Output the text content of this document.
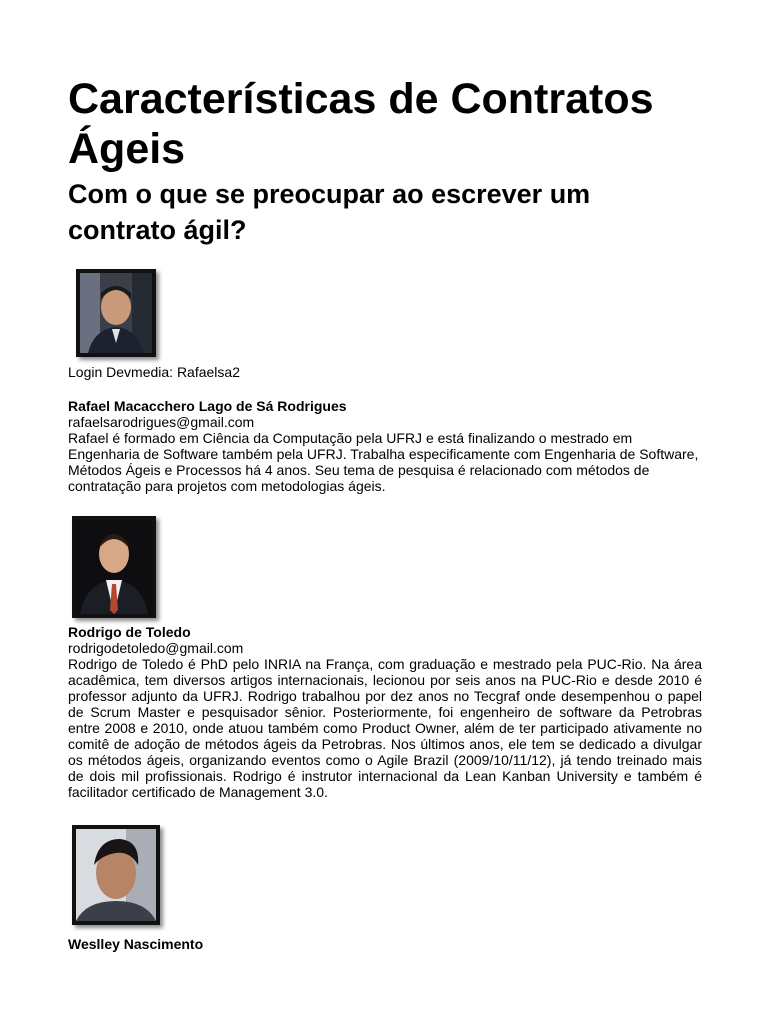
Características de Contratos Ágeis
Com o que se preocupar ao escrever um contrato ágil?
Login Devmedia: Rafaelsa2
Rafael Macacchero Lago de Sá Rodrigues
rafaelsarodrigues@gmail.com
Rafael é formado em Ciência da Computação pela UFRJ e está finalizando o mestrado em Engenharia de Software também pela UFRJ. Trabalha especificamente com Engenharia de Software, Métodos Ágeis e Processos há 4 anos. Seu tema de pesquisa é relacionado com métodos de contratação para projetos com metodologias ágeis.
Rodrigo de Toledo
rodrigodetoledo@gmail.com
Rodrigo de Toledo é PhD pelo INRIA na França, com graduação e mestrado pela PUC-Rio. Na área acadêmica, tem diversos artigos internacionais, lecionou por seis anos na PUC-Rio e desde 2010 é professor adjunto da UFRJ. Rodrigo trabalhou por dez anos no Tecgraf onde desempenhou o papel de Scrum Master e pesquisador sênior. Posteriormente, foi engenheiro de software da Petrobras entre 2008 e 2010, onde atuou também como Product Owner, além de ter participado ativamente no comitê de adoção de métodos ágeis da Petrobras. Nos últimos anos, ele tem se dedicado a divulgar os métodos ágeis, organizando eventos como o Agile Brazil (2009/10/11/12), já tendo treinado mais de dois mil profissionais. Rodrigo é instrutor internacional da Lean Kanban University e também é facilitador certificado de Management 3.0.
Weslley Nascimento
